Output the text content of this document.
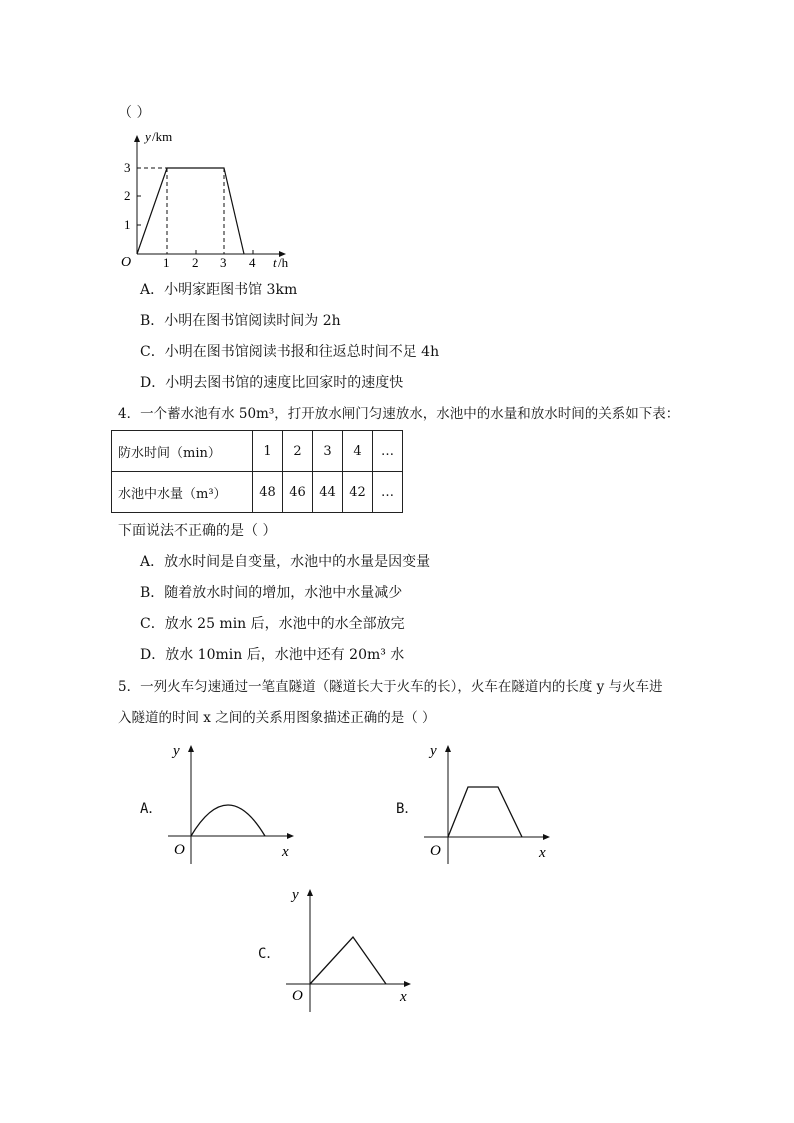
（ ）
y /km
t /h
O
1
2
3
1 2 3 4
A．小明家距图书馆 3km
B．小明在图书馆阅读时间为 2h
C．小明在图书馆阅读书报和往返总时间不足 4h
D．小明去图书馆的速度比回家时的速度快
4．一个蓄水池有水 50m³，打开放水闸门匀速放水，水池中的水量和放水时间的关系如下表：
防水时间（min）	1	2	3	4	…
水池中水量（m³）	48	46	44	42	…
下面说法不正确的是（ ）
A．放水时间是自变量，水池中的水量是因变量
B．随着放水时间的增加，水池中水量减少
C．放水 25 min 后，水池中的水全部放完
D．放水 10min 后，水池中还有 20m³ 水
5．一列火车匀速通过一笔直隧道（隧道长大于火车的长），火车在隧道内的长度 y 与火车进
入隧道的时间 x 之间的关系用图象描述正确的是（ ）
A．
y
x
O
B．
y
x
O
C．
y
x
O
